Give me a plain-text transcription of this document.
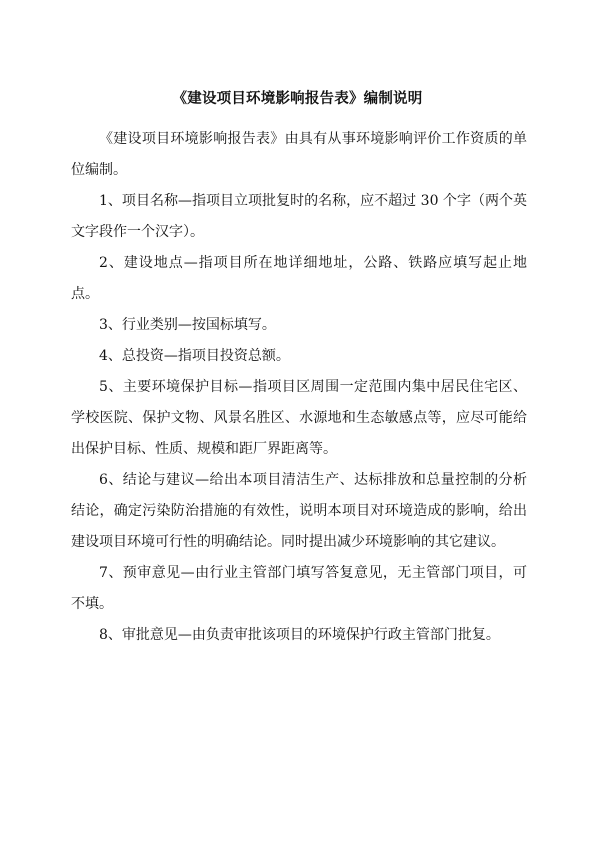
《建设项目环境影响报告表》编制说明

《建设项目环境影响报告表》由具有从事环境影响评价工作资质的单位编制。

1、项目名称—指项目立项批复时的名称，应不超过 30 个字（两个英文字段作一个汉字）。

2、建设地点—指项目所在地详细地址，公路、铁路应填写起止地点。

3、行业类别—按国标填写。

4、总投资—指项目投资总额。

5、主要环境保护目标—指项目区周围一定范围内集中居民住宅区、学校医院、保护文物、风景名胜区、水源地和生态敏感点等，应尽可能给出保护目标、性质、规模和距厂界距离等。

6、结论与建议—给出本项目清洁生产、达标排放和总量控制的分析结论，确定污染防治措施的有效性，说明本项目对环境造成的影响，给出建设项目环境可行性的明确结论。同时提出减少环境影响的其它建议。

7、预审意见—由行业主管部门填写答复意见，无主管部门项目，可不填。

8、审批意见—由负责审批该项目的环境保护行政主管部门批复。
